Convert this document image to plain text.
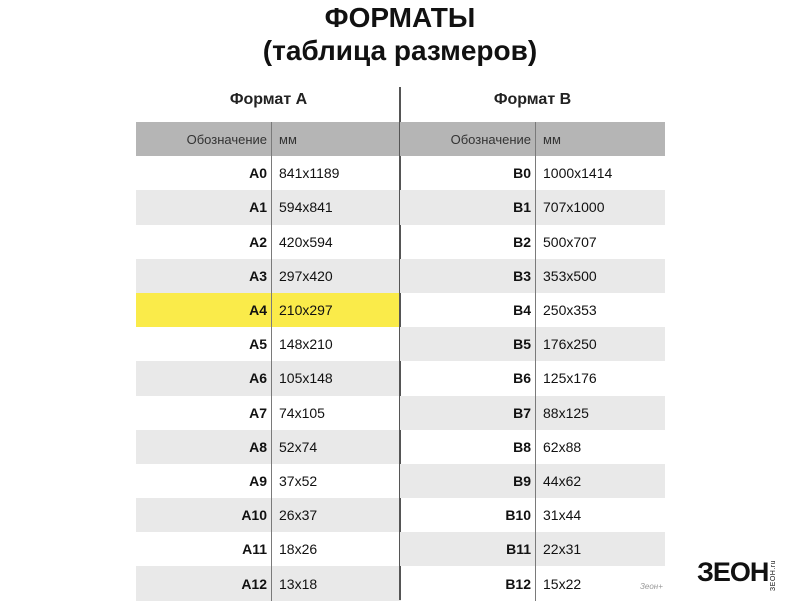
ФОРМАТЫ
(таблица размеров)
Формат А
Обозначение	мм
A0	841x1189
A1	594x841
A2	420x594
A3	297x420
A4	210x297
A5	148x210
A6	105x148
A7	74x105
A8	52x74
A9	37x52
A10	26x37
A11	18x26
A12	13x18
Формат В
Обозначение	мм
B0	1000x1414
B1	707x1000
B2	500x707
B3	353x500
B4	250x353
B5	176x250
B6	125x176
B7	88x125
B8	62x88
B9	44x62
B10	31x44
B11	22x31
B12	15x22	Зеон+ ЗЕОН ЗЕОН.ru
